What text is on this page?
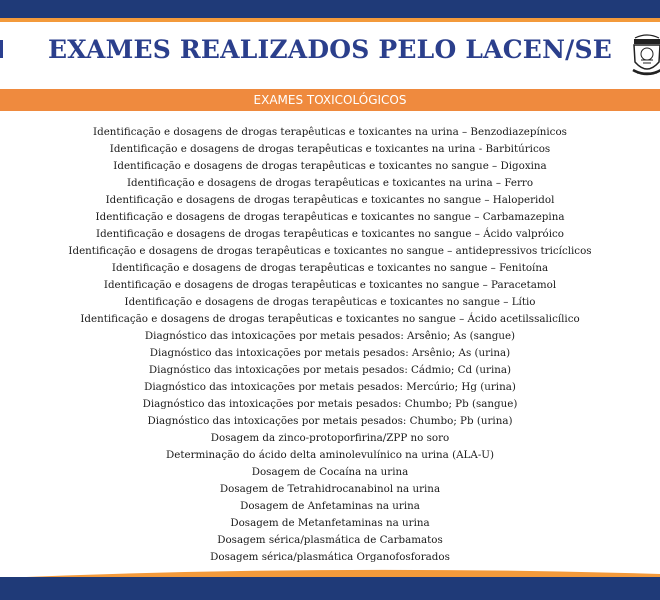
EXAMES REALIZADOS PELO LACEN/SE
EXAMES TOXICOLÓGICOS
Identificação e dosagens de drogas terapêuticas e toxicantes na urina – Benzodiazepínicos
Identificação e dosagens de drogas terapêuticas e toxicantes na urina - Barbitúricos
Identificação e dosagens de drogas terapêuticas e toxicantes no sangue – Digoxina
Identificação e dosagens de drogas terapêuticas e toxicantes na urina – Ferro
Identificação e dosagens de drogas terapêuticas e toxicantes no sangue – Haloperidol
Identificação e dosagens de drogas terapêuticas e toxicantes no sangue – Carbamazepina
Identificação e dosagens de drogas terapêuticas e toxicantes no sangue – Ácido valpróico
Identificação e dosagens de drogas terapêuticas e toxicantes no sangue – antidepressivos tricíclicos
Identificação e dosagens de drogas terapêuticas e toxicantes no sangue – Fenitoína
Identificação e dosagens de drogas terapêuticas e toxicantes no sangue – Paracetamol
Identificação e dosagens de drogas terapêuticas e toxicantes no sangue – Lítio
Identificação e dosagens de drogas terapêuticas e toxicantes no sangue – Ácido acetilssalicílico
Diagnóstico das intoxicações por metais pesados: Arsênio; As (sangue)
Diagnóstico das intoxicações por metais pesados: Arsênio; As (urina)
Diagnóstico das intoxicações por metais pesados: Cádmio; Cd (urina)
Diagnóstico das intoxicações por metais pesados: Mercúrio; Hg (urina)
Diagnóstico das intoxicações por metais pesados: Chumbo; Pb (sangue)
Diagnóstico das intoxicações por metais pesados: Chumbo; Pb (urina)
Dosagem da zinco-protoporfirina/ZPP no soro
Determinação do ácido delta aminolevulínico na urina (ALA-U)
Dosagem de Cocaína na urina
Dosagem de Tetrahidrocanabinol na urina
Dosagem de Anfetaminas na urina
Dosagem de Metanfetaminas na urina
Dosagem sérica/plasmática de Carbamatos
Dosagem sérica/plasmática Organofosforados
